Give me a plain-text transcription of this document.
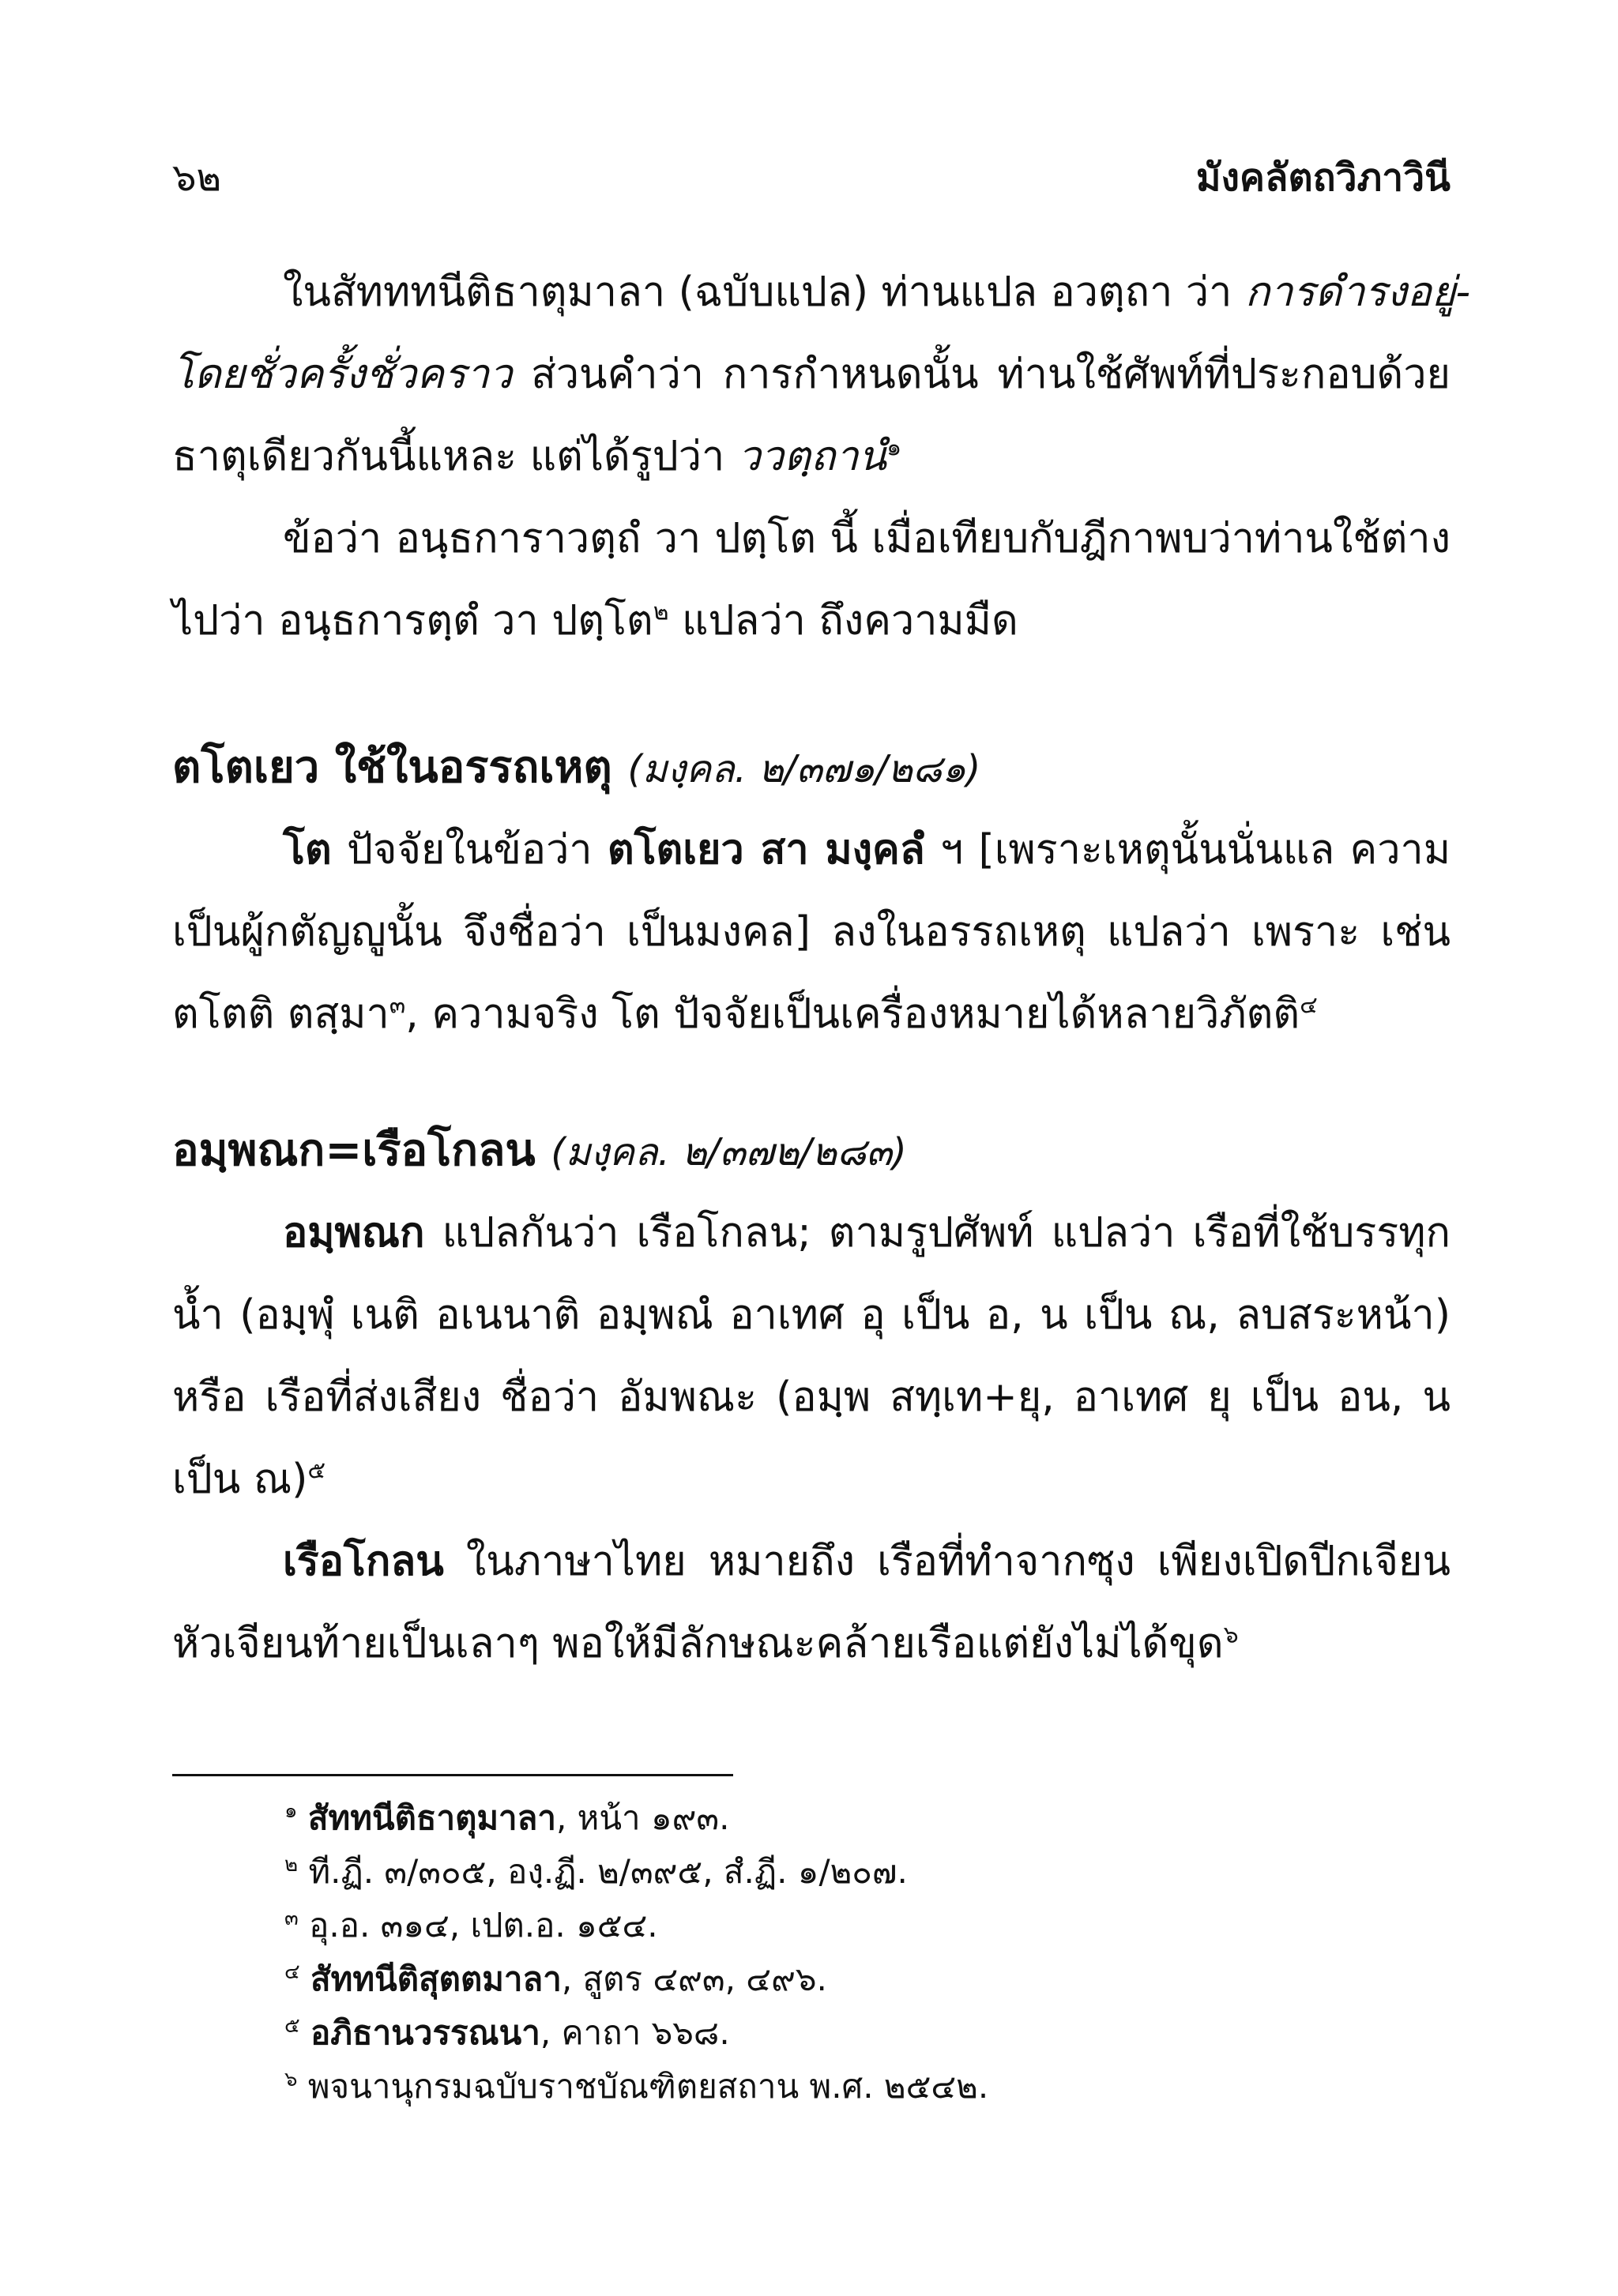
๖๒	มังคลัตถวิภาวินี
ในสัทททนีติธาตุมาลา (ฉบับแปล) ท่านแปล อวตฺถา ว่า การดำรงอยู่-
โดยชั่วครั้งชั่วคราว ส่วนคำว่า การกำหนดนั้น ท่านใช้ศัพท์ที่ประกอบด้วย
ธาตุเดียวกันนี้แหละ แต่ได้รูปว่า ววตฺถานํ$^๑$
ข้อว่า อนฺธการาวตฺถํ วา ปตฺโต นี้ เมื่อเทียบกับฎีกาพบว่าท่านใช้ต่าง
ไปว่า อนฺธการตฺตํ วา ปตฺโต$^๒$ แปลว่า ถึงความมืด
ตโตเยว ใช้ในอรรถเหตุ (มงฺคล. ๒/๓๗๑/๒๘๑)
โต ปัจจัยในข้อว่า ตโตเยว สา มงฺคลํ ฯ [เพราะเหตุนั้นนั่นแล ความ
เป็นผู้กตัญญูนั้น จึงชื่อว่า เป็นมงคล] ลงในอรรถเหตุ แปลว่า เพราะ เช่น
ตโตติ ตสฺมา$^๓$, ความจริง โต ปัจจัยเป็นเครื่องหมายได้หลายวิภัตติ$^๔$
อมฺพณก=เรือโกลน (มงฺคล. ๒/๓๗๒/๒๘๓)
อมฺพณก แปลกันว่า เรือโกลน; ตามรูปศัพท์ แปลว่า เรือที่ใช้บรรทุก
น้ำ (อมฺพุํ เนติ อเนนาติ อมฺพณํ อาเทศ อุ เป็น อ, น เป็น ณ, ลบสระหน้า)
หรือ เรือที่ส่งเสียง ชื่อว่า อัมพณะ (อมฺพ สทฺเท+ยุ, อาเทศ ยุ เป็น อน, น
เป็น ณ)$^๕$
เรือโกลน ในภาษาไทย หมายถึง เรือที่ทำจากซุง เพียงเปิดปีกเจียน
หัวเจียนท้ายเป็นเลาๆ พอให้มีลักษณะคล้ายเรือแต่ยังไม่ได้ขุด$^๖$
$^๑$ สัททนีติธาตุมาลา, หน้า ๑๙๓.
$^๒$ ที.ฏี. ๓/๓๐๕, องฺ.ฏี. ๒/๓๙๕, สํ.ฏี. ๑/๒๐๗.
$^๓$ อุ.อ. ๓๑๔, เปต.อ. ๑๕๔.
$^๔$ สัททนีติสุตตมาลา, สูตร ๔๙๓, ๔๙๖.
$^๕$ อภิธานวรรณนา, คาถา ๖๖๘.
$^๖$ พจนานุกรมฉบับราชบัณฑิตยสถาน พ.ศ. ๒๕๔๒.
